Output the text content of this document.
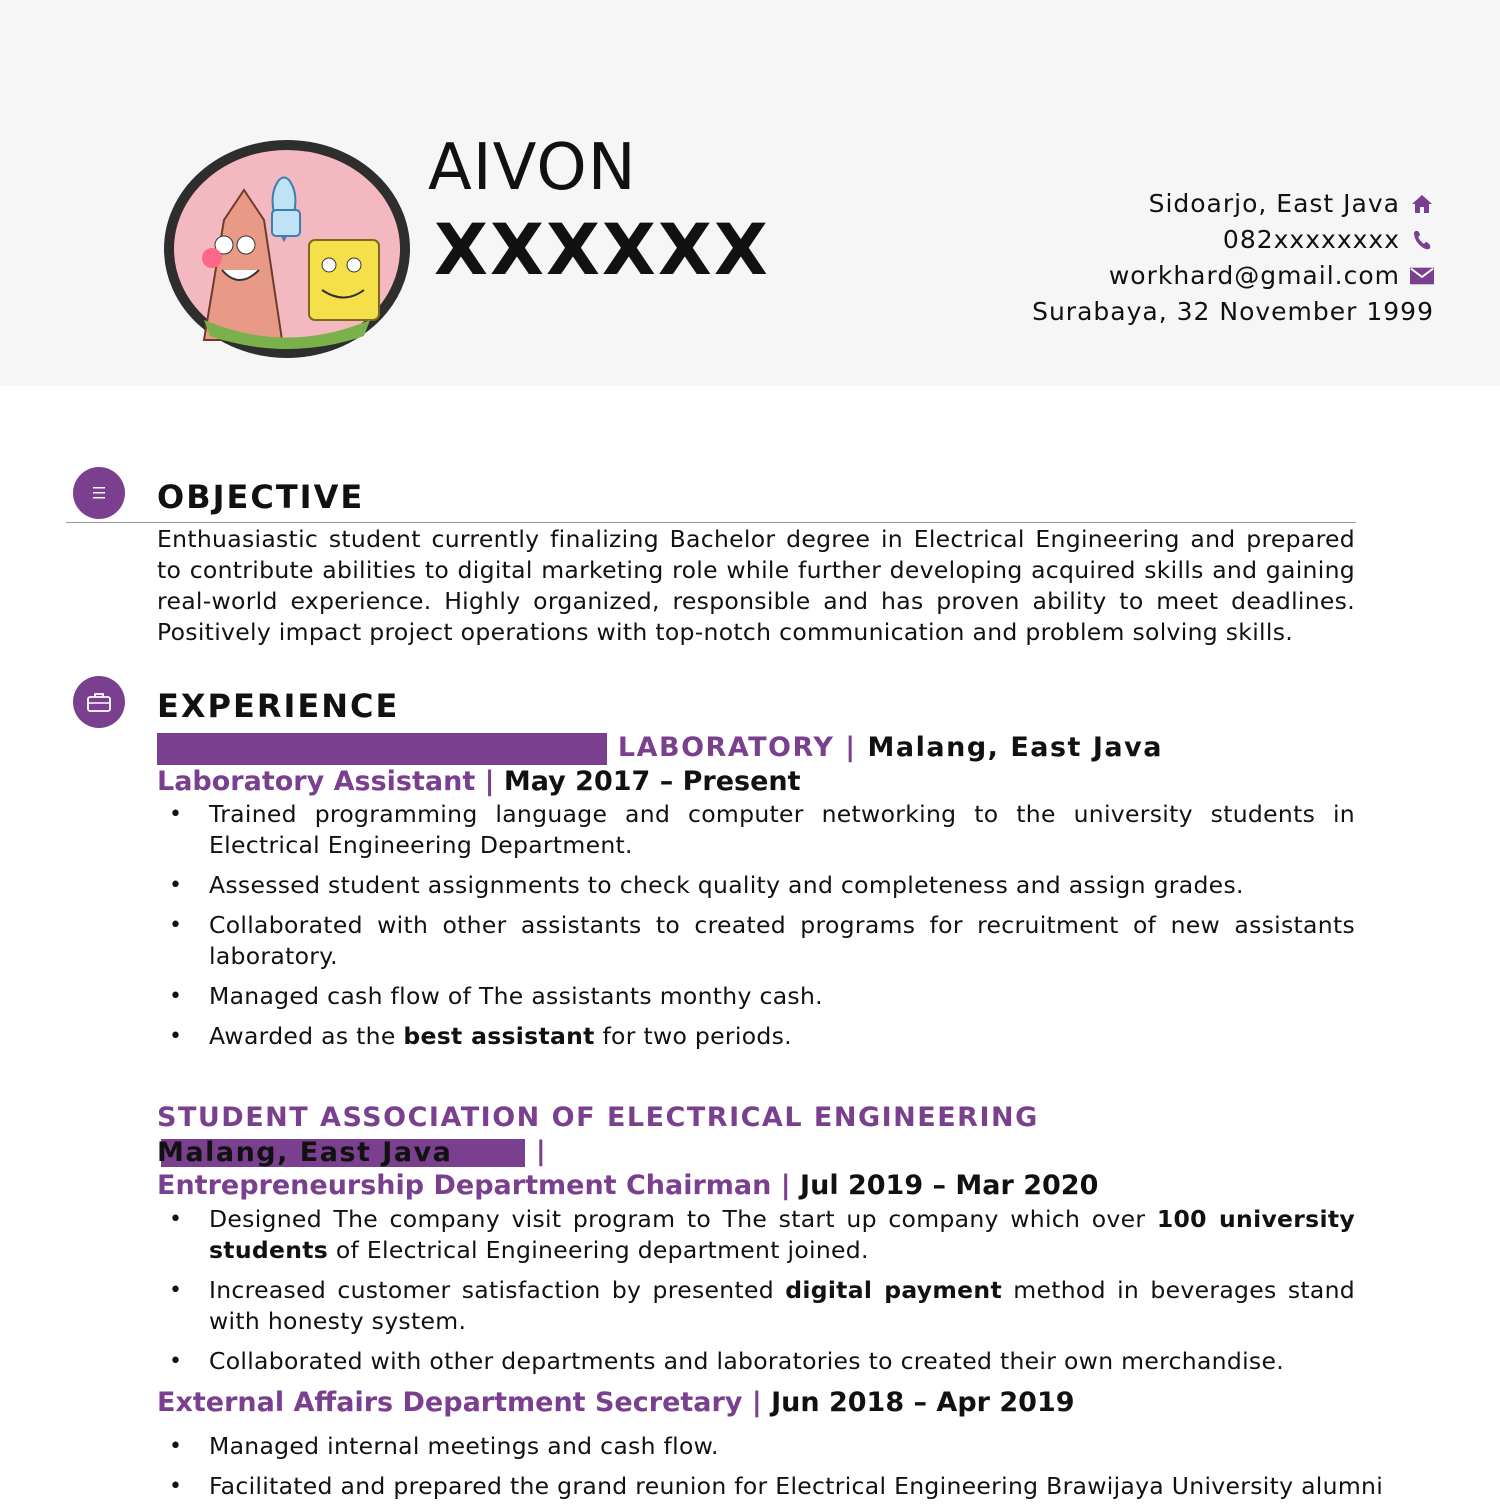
AIVON
XXXXXX
Sidoarjo, East Java
082xxxxxxxx
workhard@gmail.com
Surabaya, 32 November 1999
OBJECTIVE
Enthuasiastic student currently finalizing Bachelor degree in Electrical Engineering and prepared to contribute abilities to digital marketing role while further developing acquired skills and gaining real-world experience. Highly organized, responsible and has proven ability to meet deadlines. Positively impact project operations with top-notch communication and problem solving skills.
EXPERIENCE
LABORATORY | Malang, East Java
Laboratory Assistant | May 2017 – Present
• Trained programming language and computer networking to the university students in Electrical Engineering Department.
• Assessed student assignments to check quality and completeness and assign grades.
• Collaborated with other assistants to created programs for recruitment of new assistants laboratory.
• Managed cash flow of The assistants monthy cash.
• Awarded as the best assistant for two periods.
STUDENT ASSOCIATION OF ELECTRICAL ENGINEERING  |
Malang, East Java
Entrepreneurship Department Chairman | Jul 2019 – Mar 2020
• Designed The company visit program to The start up company which over 100 university students of Electrical Engineering department joined.
• Increased customer satisfaction by presented digital payment method in beverages stand with honesty system.
• Collaborated with other departments and laboratories to created their own merchandise.
External Affairs Department Secretary | Jun 2018 – Apr 2019
• Managed internal meetings and cash flow.
• Facilitated and prepared the grand reunion for Electrical Engineering Brawijaya University alumni
